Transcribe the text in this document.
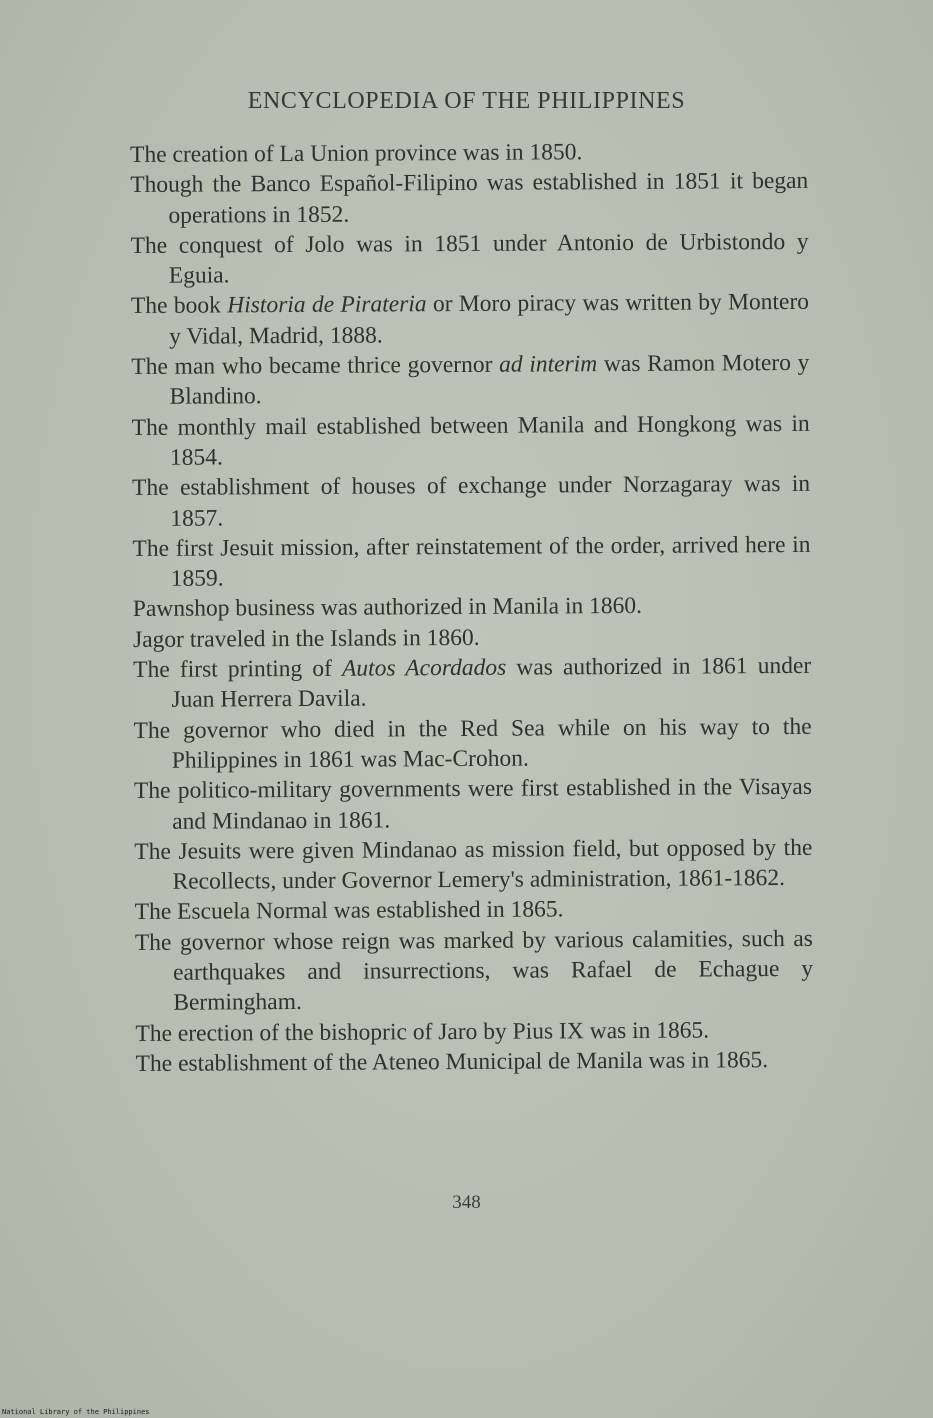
ENCYCLOPEDIA OF THE PHILIPPINES
The creation of La Union province was in 1850.
Though the Banco Español-Filipino was established in 1851 it began operations in 1852.
The conquest of Jolo was in 1851 under Antonio de Urbistondo y Eguia.
The book Historia de Pirateria or Moro piracy was written by Montero y Vidal, Madrid, 1888.
The man who became thrice governor ad interim was Ramon Motero y Blandino.
The monthly mail established between Manila and Hongkong was in 1854.
The establishment of houses of exchange under Norzagaray was in 1857.
The first Jesuit mission, after reinstatement of the order, arrived here in 1859.
Pawnshop business was authorized in Manila in 1860.
Jagor traveled in the Islands in 1860.
The first printing of Autos Acordados was authorized in 1861 under Juan Herrera Davila.
The governor who died in the Red Sea while on his way to the Philippines in 1861 was Mac-Crohon.
The politico-military governments were first established in the Visayas and Mindanao in 1861.
The Jesuits were given Mindanao as mission field, but opposed by the Recollects, under Governor Lemery's administration, 1861-1862.
The Escuela Normal was established in 1865.
The governor whose reign was marked by various calamities, such as earthquakes and insurrections, was Rafael de Echague y Bermingham.
The erection of the bishopric of Jaro by Pius IX was in 1865.
The establishment of the Ateneo Municipal de Manila was in 1865.
348
National Library of the Philippines
